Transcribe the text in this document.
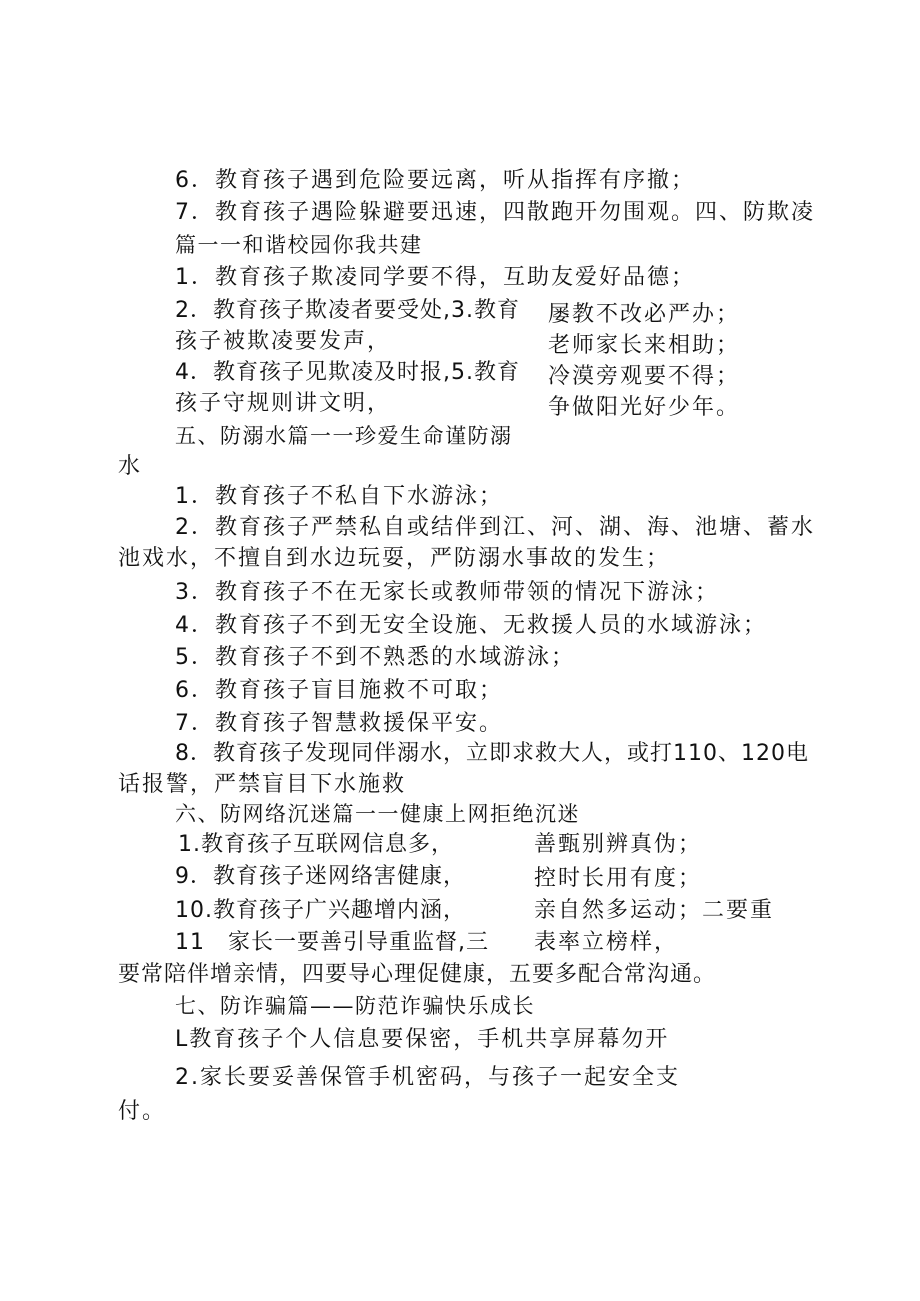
6．教育孩子遇到危险要远离，听从指挥有序撤；
7．教育孩子遇险躲避要迅速，四散跑开勿围观。四、防欺凌
篇一一和谐校园你我共建
1．教育孩子欺凌同学要不得，互助友爱好品德；
2．教育孩子欺凌者要受处,3.教育 屡教不改必严办；
孩子被欺凌要发声，	老师家长来相助；
4．教育孩子见欺凌及时报,5.教育 冷漠旁观要不得；
孩子守规则讲文明，	争做阳光好少年。
五、防溺水篇一一珍爱生命谨防溺
水
1．教育孩子不私自下水游泳；
2．教育孩子严禁私自或结伴到江、河、湖、海、池塘、蓄水
池戏水，不擅自到水边玩耍，严防溺水事故的发生；
3．教育孩子不在无家长或教师带领的情况下游泳；
4．教育孩子不到无安全设施、无救援人员的水域游泳；
5．教育孩子不到不熟悉的水域游泳；
6．教育孩子盲目施救不可取；
7．教育孩子智慧救援保平安。
8．教育孩子发现同伴溺水，立即求救大人，或打110、120电
话报警，严禁盲目下水施救
六、防网络沉迷篇一一健康上网拒绝沉迷
1.教育孩子互联网信息多，	善甄别辨真伪；
9．教育孩子迷网络害健康，	控时长用有度；
10.教育孩子广兴趣增内涵，	亲自然多运动；二要重
11　家长一要善引导重监督,三 表率立榜样，
要常陪伴增亲情，四要导心理促健康，五要多配合常沟通。
七、防诈骗篇——防范诈骗快乐成长
L教育孩子个人信息要保密，手机共享屏幕勿开
2.家长要妥善保管手机密码，与孩子一起安全支
付。
